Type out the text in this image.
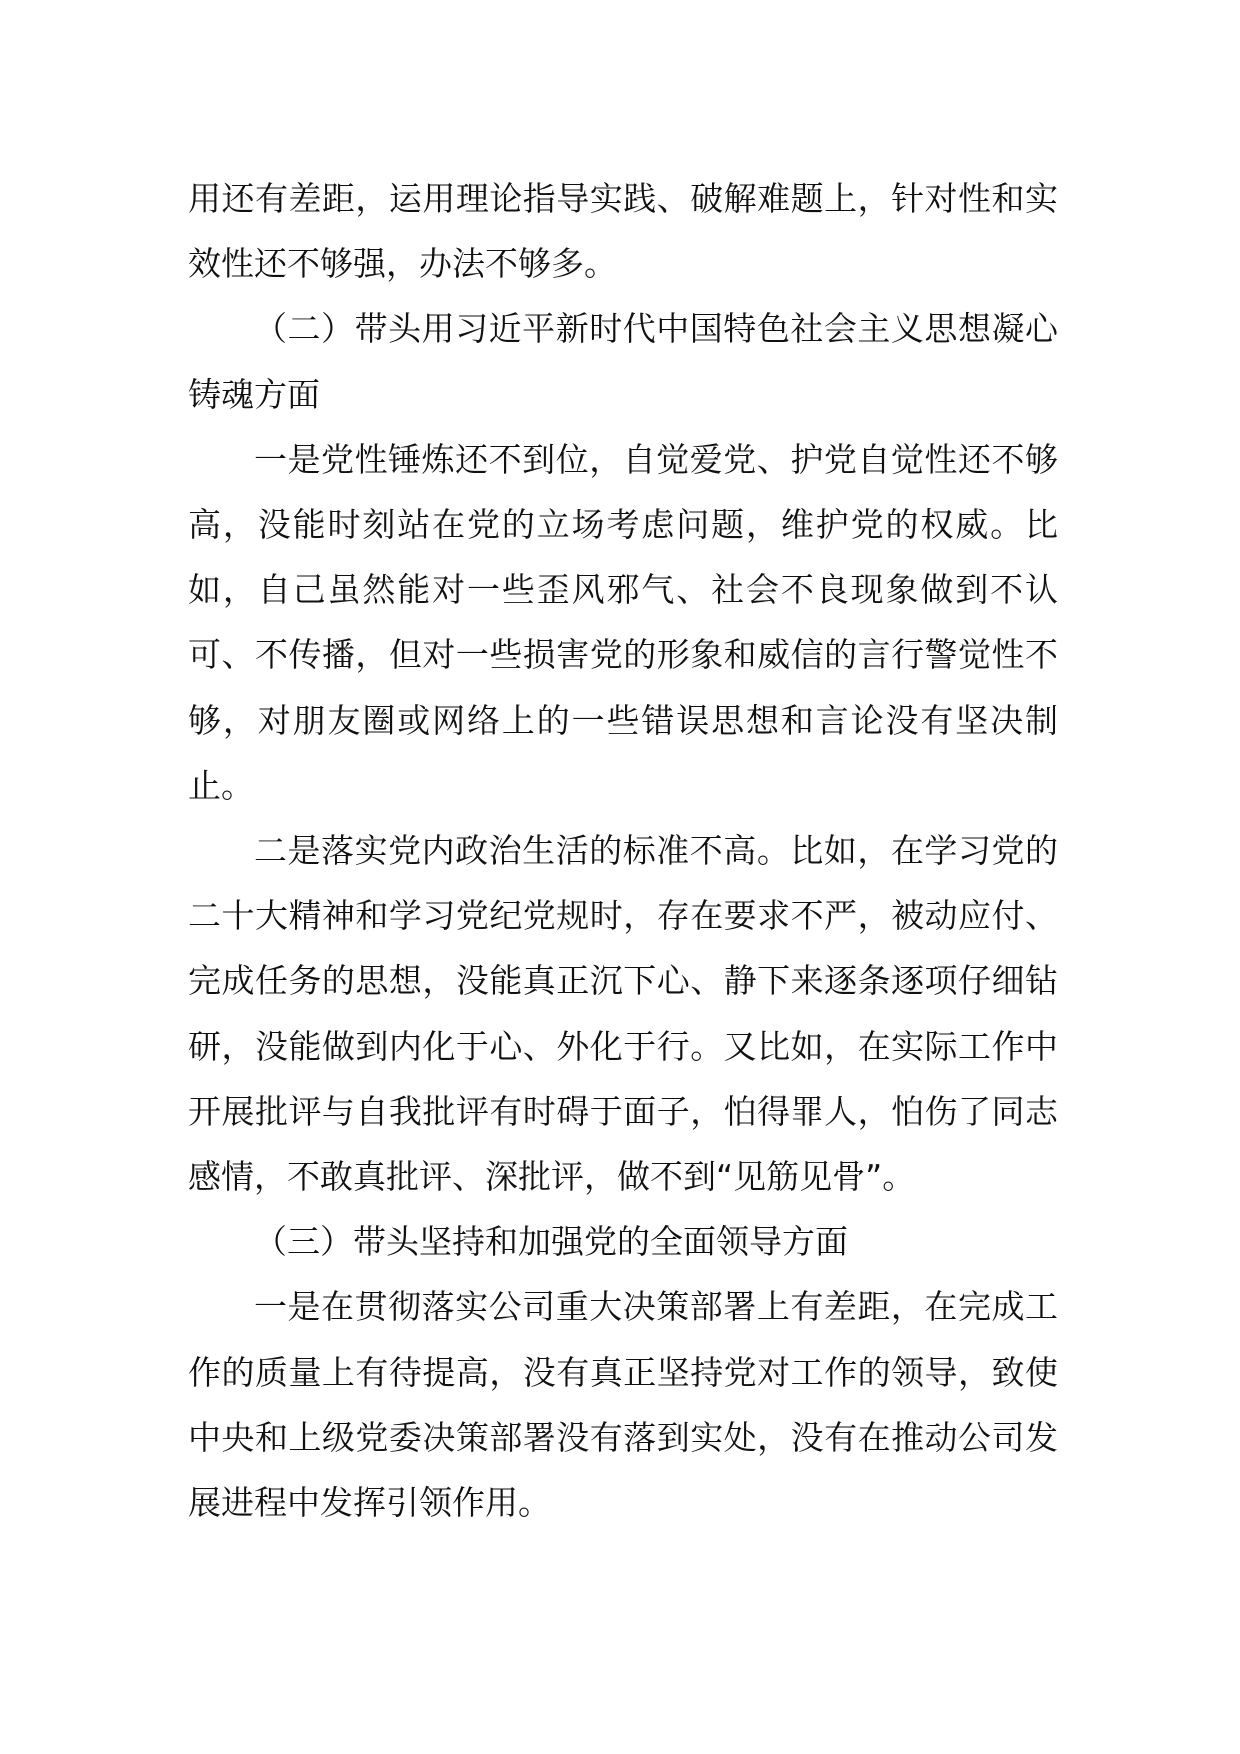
用还有差距，运用理论指导实践、破解难题上，针对性和实效性还不够强，办法不够多。

（二）带头用习近平新时代中国特色社会主义思想凝心铸魂方面

一是党性锤炼还不到位，自觉爱党、护党自觉性还不够高，没能时刻站在党的立场考虑问题，维护党的权威。比如，自己虽然能对一些歪风邪气、社会不良现象做到不认可、不传播，但对一些损害党的形象和威信的言行警觉性不够，对朋友圈或网络上的一些错误思想和言论没有坚决制止。

二是落实党内政治生活的标准不高。比如，在学习党的二十大精神和学习党纪党规时，存在要求不严，被动应付、完成任务的思想，没能真正沉下心、静下来逐条逐项仔细钻研，没能做到内化于心、外化于行。又比如，在实际工作中开展批评与自我批评有时碍于面子，怕得罪人，怕伤了同志感情，不敢真批评、深批评，做不到“见筋见骨”。

（三）带头坚持和加强党的全面领导方面

一是在贯彻落实公司重大决策部署上有差距，在完成工作的质量上有待提高，没有真正坚持党对工作的领导，致使中央和上级党委决策部署没有落到实处，没有在推动公司发展进程中发挥引领作用。
